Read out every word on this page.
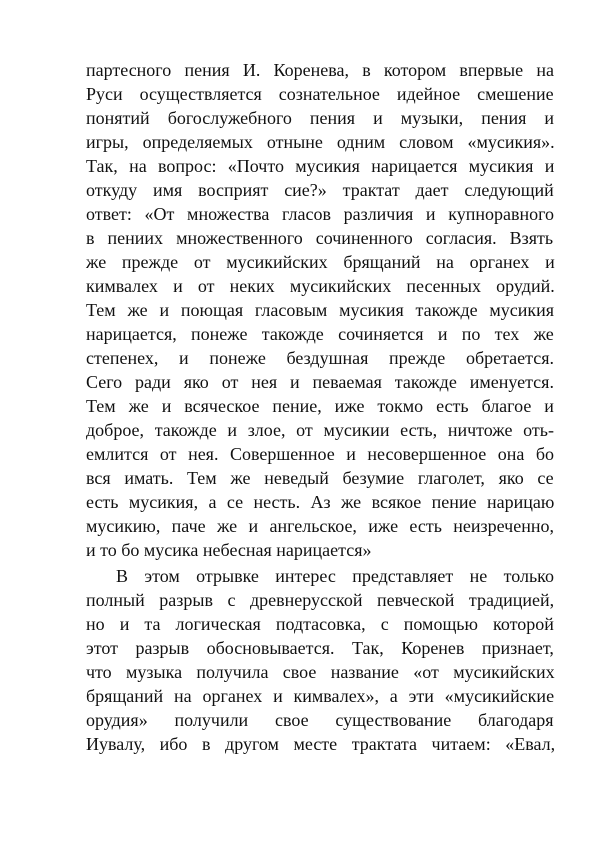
партесного пения И. Коренева, в котором впервые на
Руси осуществляется сознательное идейное смешение
понятий богослужебного пения и музыки, пения и
игры, определяемых отныне одним словом «мусикия».
Так, на вопрос: «Почто мусикия нарицается мусикия и
откуду имя восприят сие?» трактат дает следующий
ответ: «От множества гласов различия и купноравного
в пениих множественного сочиненного согласия. Взять
же прежде от мусикийских брящаний на органех и
кимвалех и от неких мусикийских песенных орудий.
Тем же и поющая гласовым мусикия такожде мусикия
нарицается, понеже такожде сочиняется и по тех же
степенех, и понеже бездушная прежде обретается.
Сего ради яко от нея и певаемая такожде именуется.
Тем же и всяческое пение, иже токмо есть благое и
доброе, такожде и злое, от мусикии есть, ничтоже оть-
емлится от нея. Совершенное и несовершенное она бо
вся имать. Тем же неведый безумие глаголет, яко се
есть мусикия, а се несть. Аз же всякое пение нарицаю
мусикию, паче же и ангельское, иже есть неизреченно,
и то бо мусика небесная нарицается»

В этом отрывке интерес представляет не только
полный разрыв с древнерусской певческой традицией,
но и та логическая подтасовка, с помощью которой
этот разрыв обосновывается. Так, Коренев признает,
что музыка получила свое название «от мусикийских
брящаний на органех и кимвалех», а эти «мусикийские
орудия» получили свое существование благодаря
Иувалу, ибо в другом месте трактата читаем: «Евал,
